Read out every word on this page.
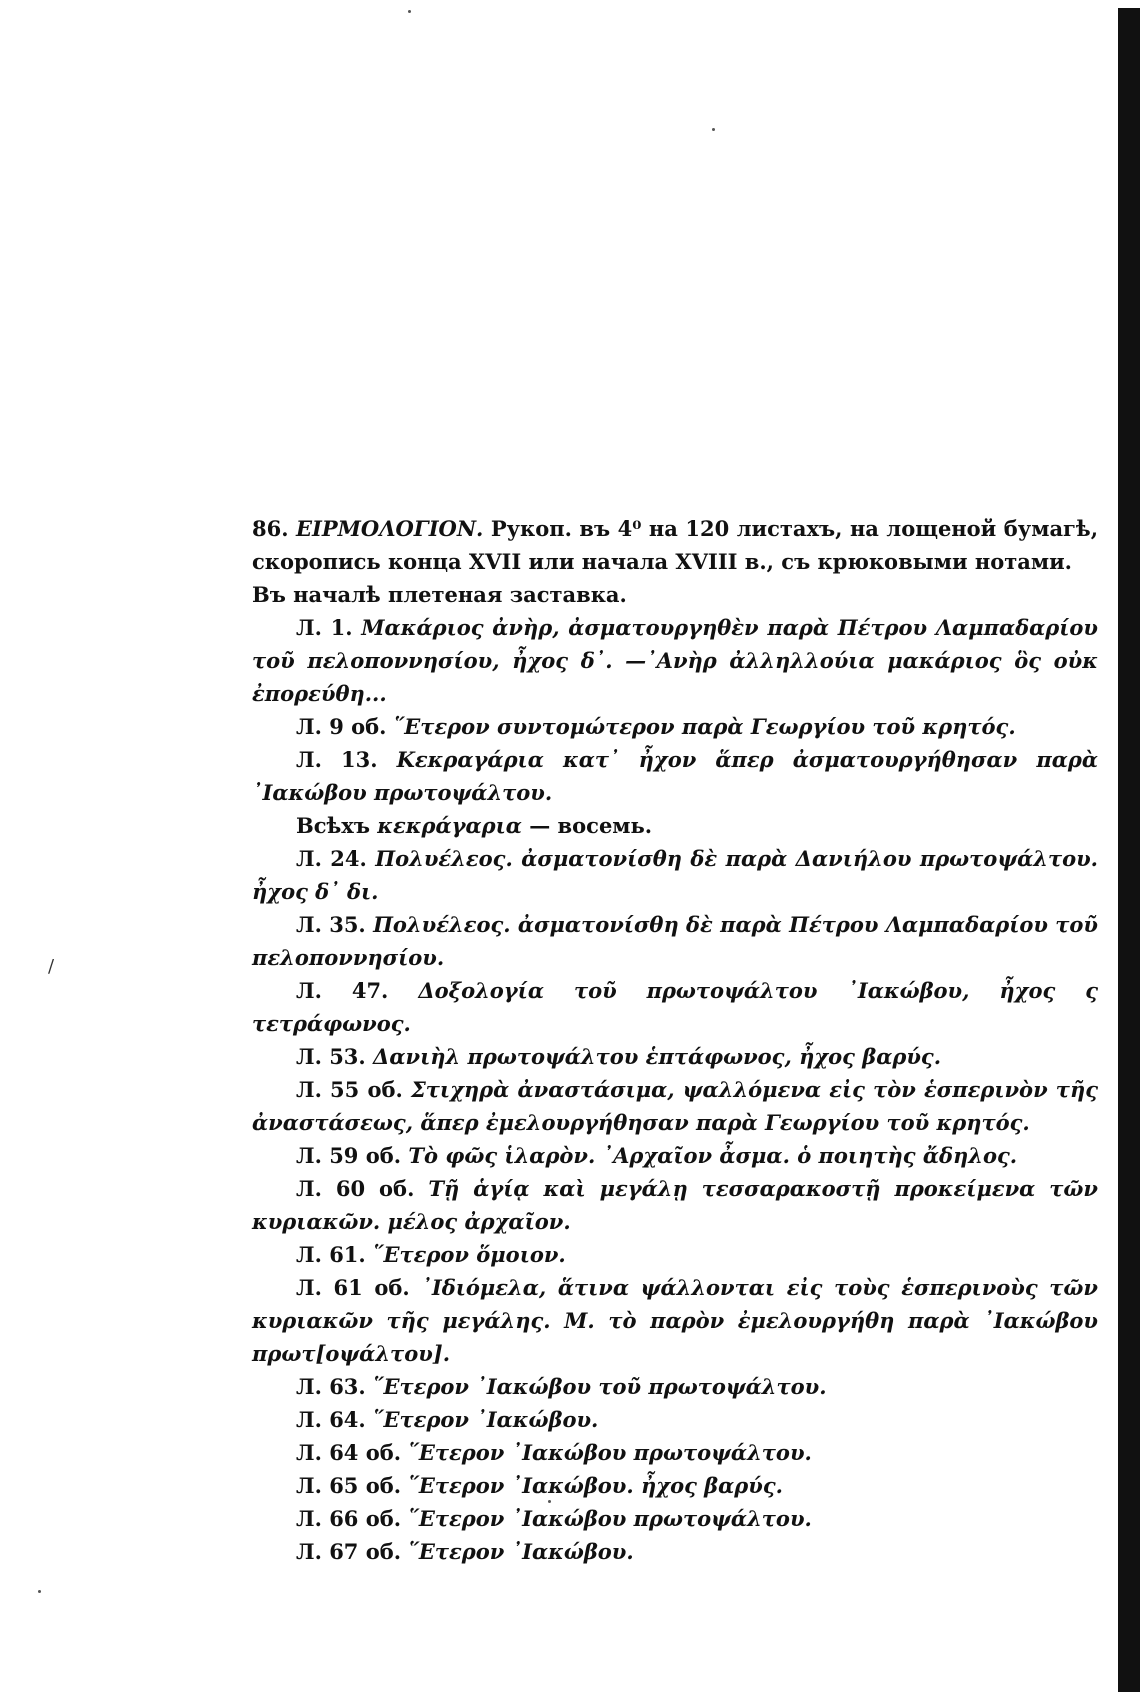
/

86. ΕΙΡΜΟΛΟΓΙΟΝ. Рукоп. въ 4⁰ на 120 листахъ, на лощеной бумагѣ, скоропись конца XVII или начала XVIII в., съ крюковыми нотами.

Въ началѣ плетеная заставка.

Л. 1. Μακάριος ἀνὴρ, ἀσματουργηθὲν παρὰ Πέτρου Λαμπαδαρίου τοῦ πελοποννησίου, ἦχος δ᾽. —᾽Ανὴρ ἀλληλλούια μακάριος ὃς οὐκ ἐπορεύθη...

Л. 9 об. ῞Ετερον συντομώτερον παρὰ Γεωργίου τοῦ κρητός.

Л. 13. Κεκραγάρια κατ᾽ ἦχον ἅπερ ἀσματουργήθησαν παρὰ ᾽Ιακώβου πρωτοψάλτου.

Всѣхъ κεκράγαρια — восемь.

Л. 24. Πολυέλεος. ἀσματονίσθη δὲ παρὰ Δανιήλου πρωτοψάλτου. ἦχος δ᾽ δι.

Л. 35. Πολυέλεος. ἀσματονίσθη δὲ παρὰ Πέτρου Λαμπαδαρίου τοῦ πελοποννησίου.

Л. 47. Δοξολογία τοῦ πρωτοψάλτου ᾽Ιακώβου, ἦχος ς τετράφωνος.

Л. 53. Δανιὴλ πρωτοψάλτου ἑπτάφωνος, ἦχος βαρύς.

Л. 55 об. Στιχηρὰ ἀναστάσιμα, ψαλλόμενα εἰς τὸν ἑσπερινὸν τῆς ἀναστάσεως, ἅπερ ἐμελουργήθησαν παρὰ Γεωργίου τοῦ κρητός.

Л. 59 об. Τὸ φῶς ἱλαρὸν. ᾽Αρχαῖον ἆσμα. ὁ ποιητὴς ἄδηλος.

Л. 60 об. Τῇ ἁγίᾳ καὶ μεγάλῃ τεσσαρακοστῇ προκείμενα τῶν κυριακῶν. μέλος ἀρχαῖον.

Л. 61. ῞Ετερον ὅμοιον.

Л. 61 об. ᾽Ιδιόμελα, ἅτινα ψάλλονται εἰς τοὺς ἑσπερινοὺς τῶν κυριακῶν τῆς μεγάλης. Μ. τὸ παρὸν ἐμελουργήθη παρὰ ᾽Ιακώβου πρωτ[οψάλτου].

Л. 63. ῞Ετερον ᾽Ιακώβου τοῦ πρωτοψάλτου.

Л. 64. ῞Ετερον ᾽Ιακώβου.

Л. 64 об. ῞Ετερον ᾽Ιακώβου πρωτοψάλτου.

Л. 65 об. ῞Ετερον ᾽Ιακώβου. ἦχος βαρύς.

Л. 66 об. ῞Ετερον ᾽Ιακώβου πρωτοψάλτου.

Л. 67 об. ῞Ετερον ᾽Ιακώβου.
